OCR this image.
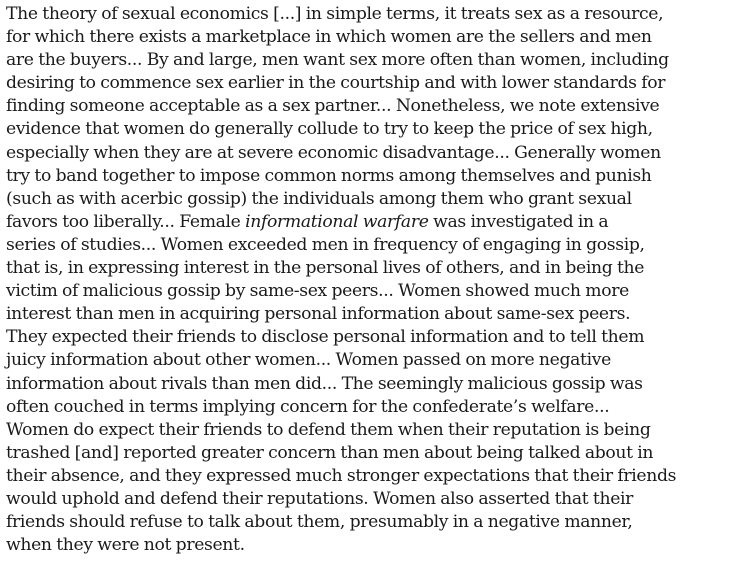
The theory of sexual economics [...] in simple terms, it treats sex as a resource,
for which there exists a marketplace in which women are the sellers and men
are the buyers... By and large, men want sex more often than women, including
desiring to commence sex earlier in the courtship and with lower standards for
finding someone acceptable as a sex partner... Nonetheless, we note extensive
evidence that women do generally collude to try to keep the price of sex high,
especially when they are at severe economic disadvantage... Generally women
try to band together to impose common norms among themselves and punish
(such as with acerbic gossip) the individuals among them who grant sexual
favors too liberally... Female informational warfare was investigated in a
series of studies... Women exceeded men in frequency of engaging in gossip,
that is, in expressing interest in the personal lives of others, and in being the
victim of malicious gossip by same-sex peers... Women showed much more
interest than men in acquiring personal information about same-sex peers.
They expected their friends to disclose personal information and to tell them
juicy information about other women... Women passed on more negative
information about rivals than men did... The seemingly malicious gossip was
often couched in terms implying concern for the confederate’s welfare...
Women do expect their friends to defend them when their reputation is being
trashed [and] reported greater concern than men about being talked about in
their absence, and they expressed much stronger expectations that their friends
would uphold and defend their reputations. Women also asserted that their
friends should refuse to talk about them, presumably in a negative manner,
when they were not present.
